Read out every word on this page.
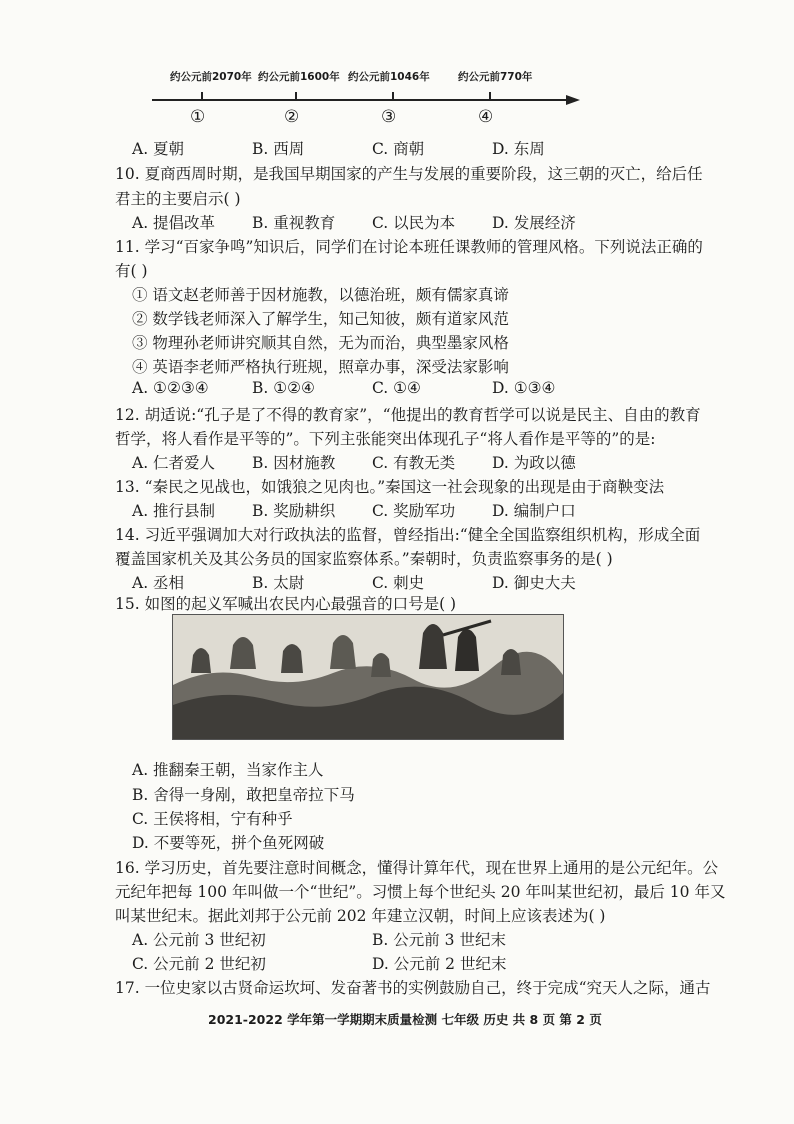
约公元前2070年 约公元前1600年 约公元前1046年	约公元前770年
①	②	③	④
A. 夏朝	B. 西周	C. 商朝	D. 东周
10. 夏商西周时期，是我国早期国家的产生与发展的重要阶段，这三朝的灭亡，给后任
君主的主要启示( )
A. 提倡改革 B. 重视教育 C. 以民为本 D. 发展经济
11. 学习“百家争鸣”知识后，同学们在讨论本班任课教师的管理风格。下列说法正确的
有( )
① 语文赵老师善于因材施教，以德治班，颇有儒家真谛
② 数学钱老师深入了解学生，知己知彼，颇有道家风范
③ 物理孙老师讲究顺其自然，无为而治，典型墨家风格
④ 英语李老师严格执行班规，照章办事，深受法家影响
A. ①②③④	B. ①②④	C. ①④	D. ①③④
12. 胡适说:“孔子是了不得的教育家”，“他提出的教育哲学可以说是民主、自由的教育
哲学，将人看作是平等的”。下列主张能突出体现孔子“将人看作是平等的”的是:
A. 仁者爱人 B. 因材施教 C. 有教无类 D. 为政以德
13. “秦民之见战也，如饿狼之见肉也。”秦国这一社会现象的出现是由于商鞅变法
A. 推行县制 B. 奖励耕织 C. 奖励军功 D. 编制户口
14. 习近平强调加大对行政执法的监督，曾经指出:“健全全国监察组织机构，形成全面
覆盖国家机关及其公务员的国家监察体系。”秦朝时，负责监察事务的是( )
A. 丞相	B. 太尉	C. 刺史	D. 御史大夫
15. 如图的起义军喊出农民内心最强音的口号是( )
A. 推翻秦王朝，当家作主人
B. 舍得一身剐，敢把皇帝拉下马
C. 王侯将相，宁有种乎
D. 不要等死，拼个鱼死网破
16. 学习历史，首先要注意时间概念，懂得计算年代，现在世界上通用的是公元纪年。公
元纪年把每 100 年叫做一个“世纪”。习惯上每个世纪头 20 年叫某世纪初，最后 10 年又
叫某世纪末。据此刘邦于公元前 202 年建立汉朝，时间上应该表述为( )
A. 公元前 3 世纪初	B. 公元前 3 世纪末
C. 公元前 2 世纪初	D. 公元前 2 世纪末
17. 一位史家以古贤命运坎坷、发奋著书的实例鼓励自己，终于完成“究天人之际，通古
2021-2022 学年第一学期期末质量检测 七年级 历史 共 8 页 第 2 页
